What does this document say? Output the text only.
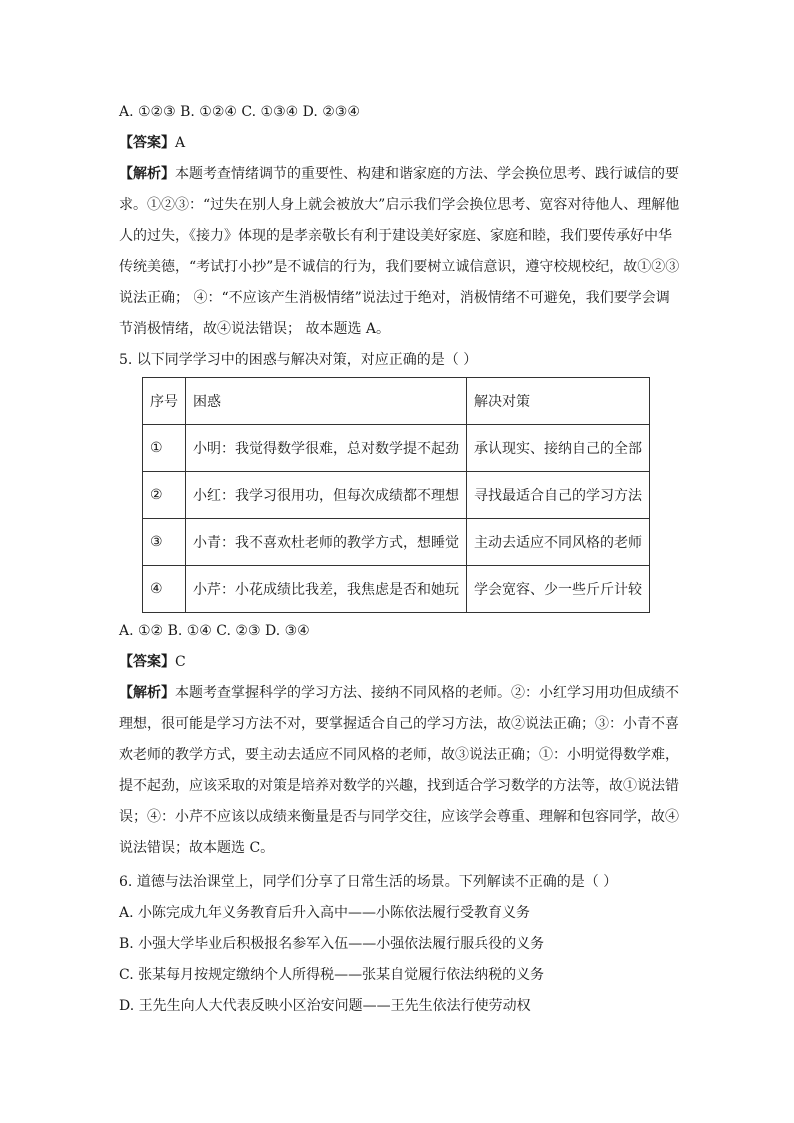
A. ①②③ B. ①②④ C. ①③④ D. ②③④
【答案】A
【解析】本题考查情绪调节的重要性、构建和谐家庭的方法、学会换位思考、践行诚信的要
求。①②③：“过失在别人身上就会被放大”启示我们学会换位思考、宽容对待他人、理解他
人的过失，《接力》体现的是孝亲敬长有利于建设美好家庭、家庭和睦，我们要传承好中华
传统美德，“考试打小抄”是不诚信的行为，我们要树立诚信意识，遵守校规校纪，故①②③
说法正确； ④：“不应该产生消极情绪”说法过于绝对，消极情绪不可避免，我们要学会调
节消极情绪，故④说法错误； 故本题选 A。
5. 以下同学学习中的困惑与解决对策，对应正确的是（ ）
序号	困惑	解决对策
①	小明：我觉得数学很难，总对数学提不起劲	承认现实、接纳自己的全部
②	小红：我学习很用功，但每次成绩都不理想	寻找最适合自己的学习方法
③	小青：我不喜欢杜老师的教学方式，想睡觉	主动去适应不同风格的老师
④	小芹：小花成绩比我差，我焦虑是否和她玩	学会宽容、少一些斤斤计较
A. ①② B. ①④ C. ②③ D. ③④
【答案】C
【解析】本题考查掌握科学的学习方法、接纳不同风格的老师。②：小红学习用功但成绩不
理想，很可能是学习方法不对，要掌握适合自己的学习方法，故②说法正确；③：小青不喜
欢老师的教学方式，要主动去适应不同风格的老师，故③说法正确；①：小明觉得数学难，
提不起劲，应该采取的对策是培养对数学的兴趣，找到适合学习数学的方法等，故①说法错
误；④：小芹不应该以成绩来衡量是否与同学交往，应该学会尊重、理解和包容同学，故④
说法错误；故本题选 C。
6. 道德与法治课堂上，同学们分享了日常生活的场景。下列解读不正确的是（ ）
A. 小陈完成九年义务教育后升入高中——小陈依法履行受教育义务
B. 小强大学毕业后积极报名参军入伍——小强依法履行服兵役的义务
C. 张某每月按规定缴纳个人所得税——张某自觉履行依法纳税的义务
D. 王先生向人大代表反映小区治安问题——王先生依法行使劳动权
